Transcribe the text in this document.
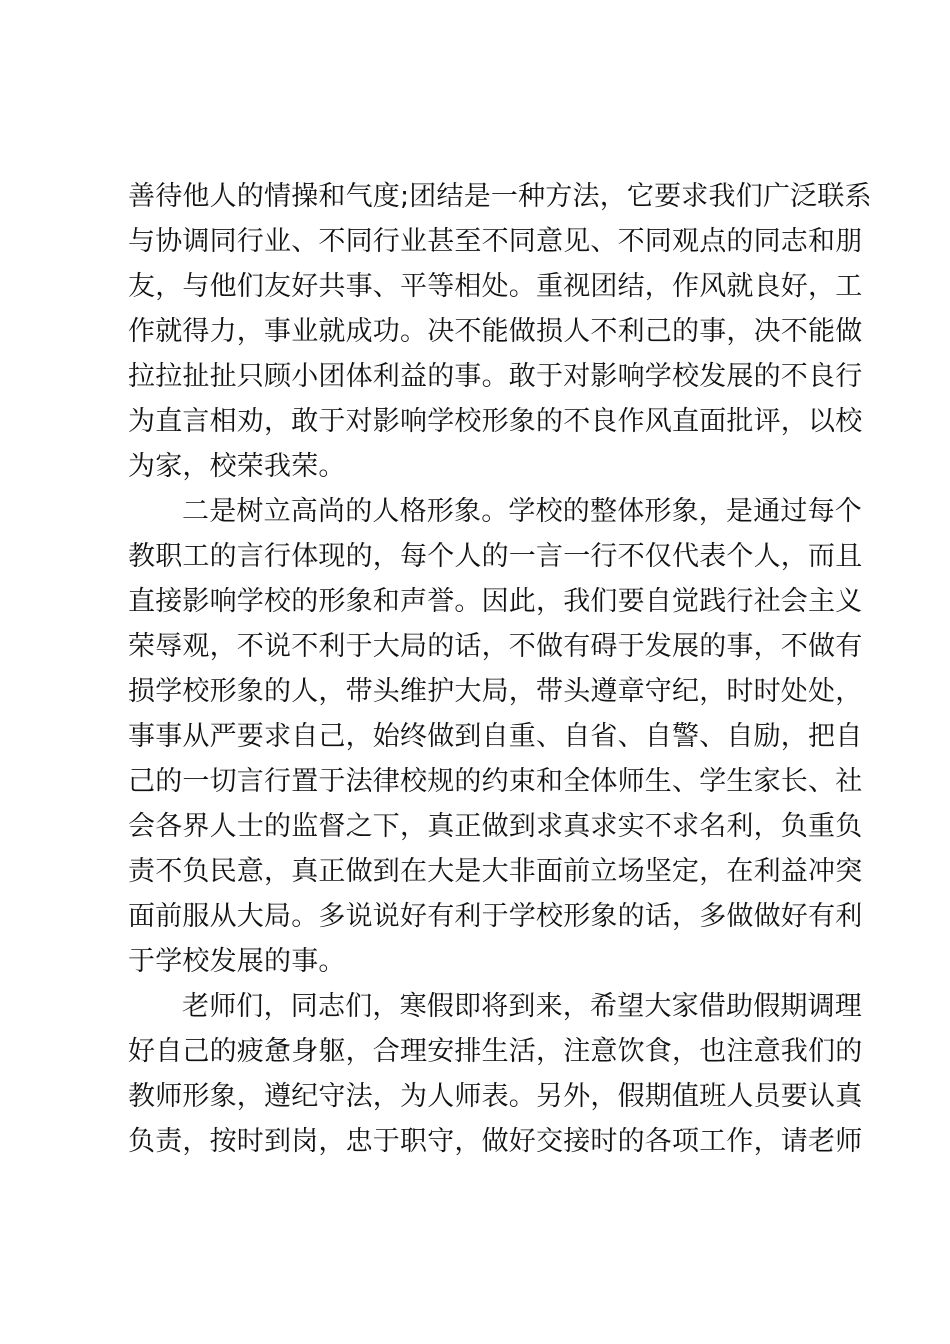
善待他人的情操和气度;团结是一种方法，它要求我们广泛联系
与协调同行业、不同行业甚至不同意见、不同观点的同志和朋
友，与他们友好共事、平等相处。重视团结，作风就良好，工
作就得力，事业就成功。决不能做损人不利己的事，决不能做
拉拉扯扯只顾小团体利益的事。敢于对影响学校发展的不良行
为直言相劝，敢于对影响学校形象的不良作风直面批评，以校
为家，校荣我荣。
二是树立高尚的人格形象。学校的整体形象，是通过每个
教职工的言行体现的，每个人的一言一行不仅代表个人，而且
直接影响学校的形象和声誉。因此，我们要自觉践行社会主义
荣辱观，不说不利于大局的话，不做有碍于发展的事，不做有
损学校形象的人，带头维护大局，带头遵章守纪，时时处处，
事事从严要求自己，始终做到自重、自省、自警、自励，把自
己的一切言行置于法律校规的约束和全体师生、学生家长、社
会各界人士的监督之下，真正做到求真求实不求名利，负重负
责不负民意，真正做到在大是大非面前立场坚定，在利益冲突
面前服从大局。多说说好有利于学校形象的话，多做做好有利
于学校发展的事。
老师们，同志们，寒假即将到来，希望大家借助假期调理
好自己的疲惫身躯，合理安排生活，注意饮食，也注意我们的
教师形象，遵纪守法，为人师表。另外，假期值班人员要认真
负责，按时到岗，忠于职守，做好交接时的各项工作，请老师
